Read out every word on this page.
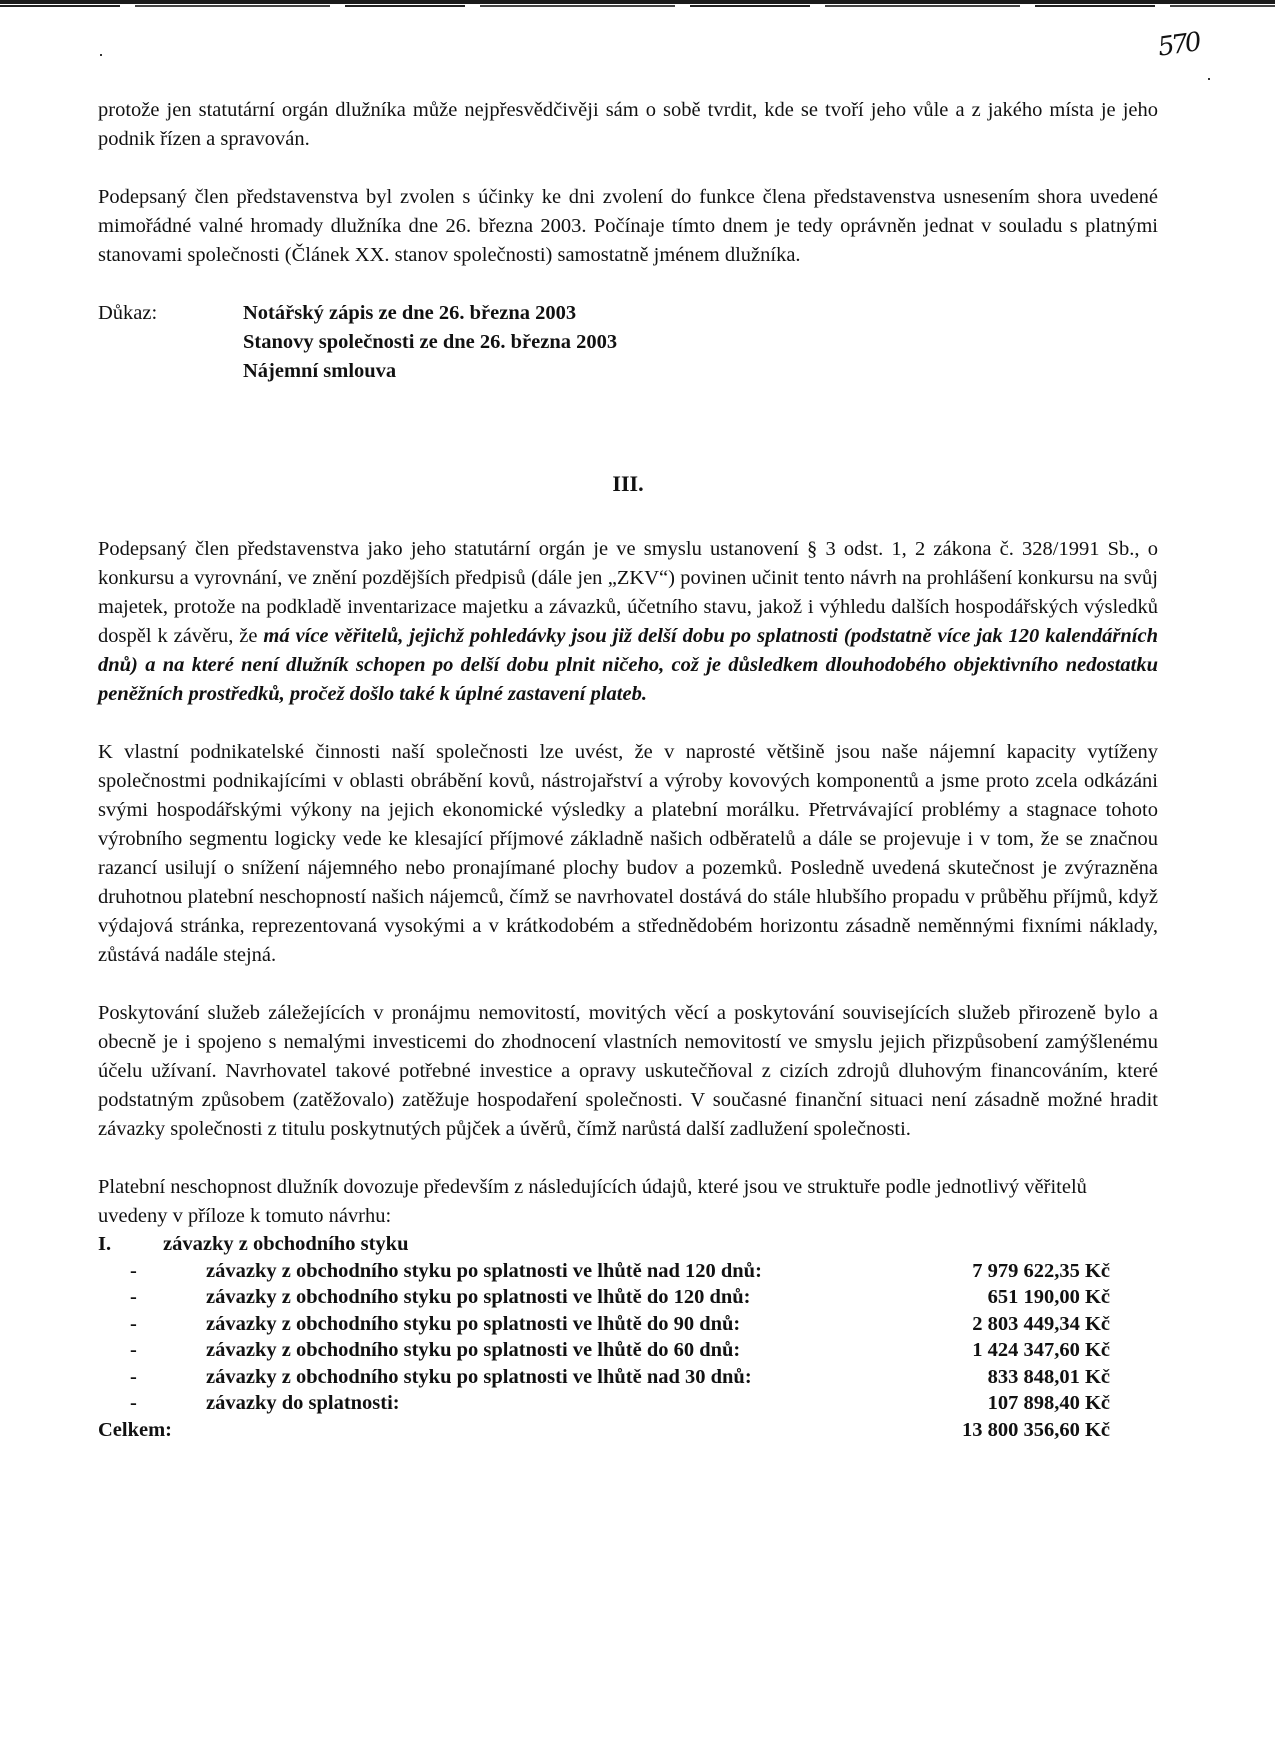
570

protože jen statutární orgán dlužníka může nejpřesvědčivěji sám o sobě tvrdit, kde se tvoří jeho vůle a z jakého místa je jeho podnik řízen a spravován.

Podepsaný člen představenstva byl zvolen s účinky ke dni zvolení do funkce člena představenstva usnesením shora uvedené mimořádné valné hromady dlužníka dne 26. března 2003. Počínaje tímto dnem je tedy oprávněn jednat v souladu s platnými stanovami společnosti (Článek XX. stanov společnosti) samostatně jménem dlužníka.

Důkaz:	Notářský zápis ze dne 26. března 2003
Stanovy společnosti ze dne 26. března 2003
Nájemní smlouva
III.

Podepsaný člen představenstva jako jeho statutární orgán je ve smyslu ustanovení § 3 odst. 1, 2 zákona č. 328/1991 Sb., o konkursu a vyrovnání, ve znění pozdějších předpisů (dále jen „ZKV“) povinen učinit tento návrh na prohlášení konkursu na svůj majetek, protože na podkladě inventarizace majetku a závazků, účetního stavu, jakož i výhledu dalších hospodářských výsledků dospěl k závěru, že má více věřitelů, jejichž pohledávky jsou již delší dobu po splatnosti (podstatně více jak 120 kalendářních dnů) a na které není dlužník schopen po delší dobu plnit ničeho, což je důsledkem dlouhodobého objektivního nedostatku peněžních prostředků, pročež došlo také k úplné zastavení plateb.

K vlastní podnikatelské činnosti naší společnosti lze uvést, že v naprosté většině jsou naše nájemní kapacity vytíženy společnostmi podnikajícími v oblasti obrábění kovů, nástrojařství a výroby kovových komponentů a jsme proto zcela odkázáni svými hospodářskými výkony na jejich ekonomické výsledky a platební morálku. Přetrvávající problémy a stagnace tohoto výrobního segmentu logicky vede ke klesající příjmové základně našich odběratelů a dále se projevuje i v tom, že se značnou razancí usilují o snížení nájemného nebo pronajímané plochy budov a pozemků. Posledně uvedená skutečnost je zvýrazněna druhotnou platební neschopností našich nájemců, čímž se navrhovatel dostává do stále hlubšího propadu v průběhu příjmů, když výdajová stránka, reprezentovaná vysokými a v krátkodobém a střednědobém horizontu zásadně neměnnými fixními náklady, zůstává nadále stejná.

Poskytování služeb záležejících v pronájmu nemovitostí, movitých věcí a poskytování souvisejících služeb přirozeně bylo a obecně je i spojeno s nemalými investicemi do zhodnocení vlastních nemovitostí ve smyslu jejich přizpůsobení zamýšlenému účelu užívaní. Navrhovatel takové potřebné investice a opravy uskutečňoval z cizích zdrojů dluhovým financováním, které podstatným způsobem (zatěžovalo) zatěžuje hospodaření společnosti. V současné finanční situaci není zásadně možné hradit závazky společnosti z titulu poskytnutých půjček a úvěrů, čímž narůstá další zadlužení společnosti.

Platební neschopnost dlužník dovozuje především z následujících údajů, které jsou ve struktuře podle jednotlivý věřitelů uvedeny v příloze k tomuto návrhu:

I.	závazky z obchodního styku
-	závazky z obchodního styku po splatnosti ve lhůtě nad 120 dnů:	7 979 622,35 Kč
-	závazky z obchodního styku po splatnosti ve lhůtě do 120 dnů:	651 190,00 Kč
-	závazky z obchodního styku po splatnosti ve lhůtě do 90 dnů:	2 803 449,34 Kč
-	závazky z obchodního styku po splatnosti ve lhůtě do 60 dnů:	1 424 347,60 Kč
-	závazky z obchodního styku po splatnosti ve lhůtě nad 30 dnů:	833 848,01 Kč
-	závazky do splatnosti:	107 898,40 Kč
Celkem:	13 800 356,60 Kč
